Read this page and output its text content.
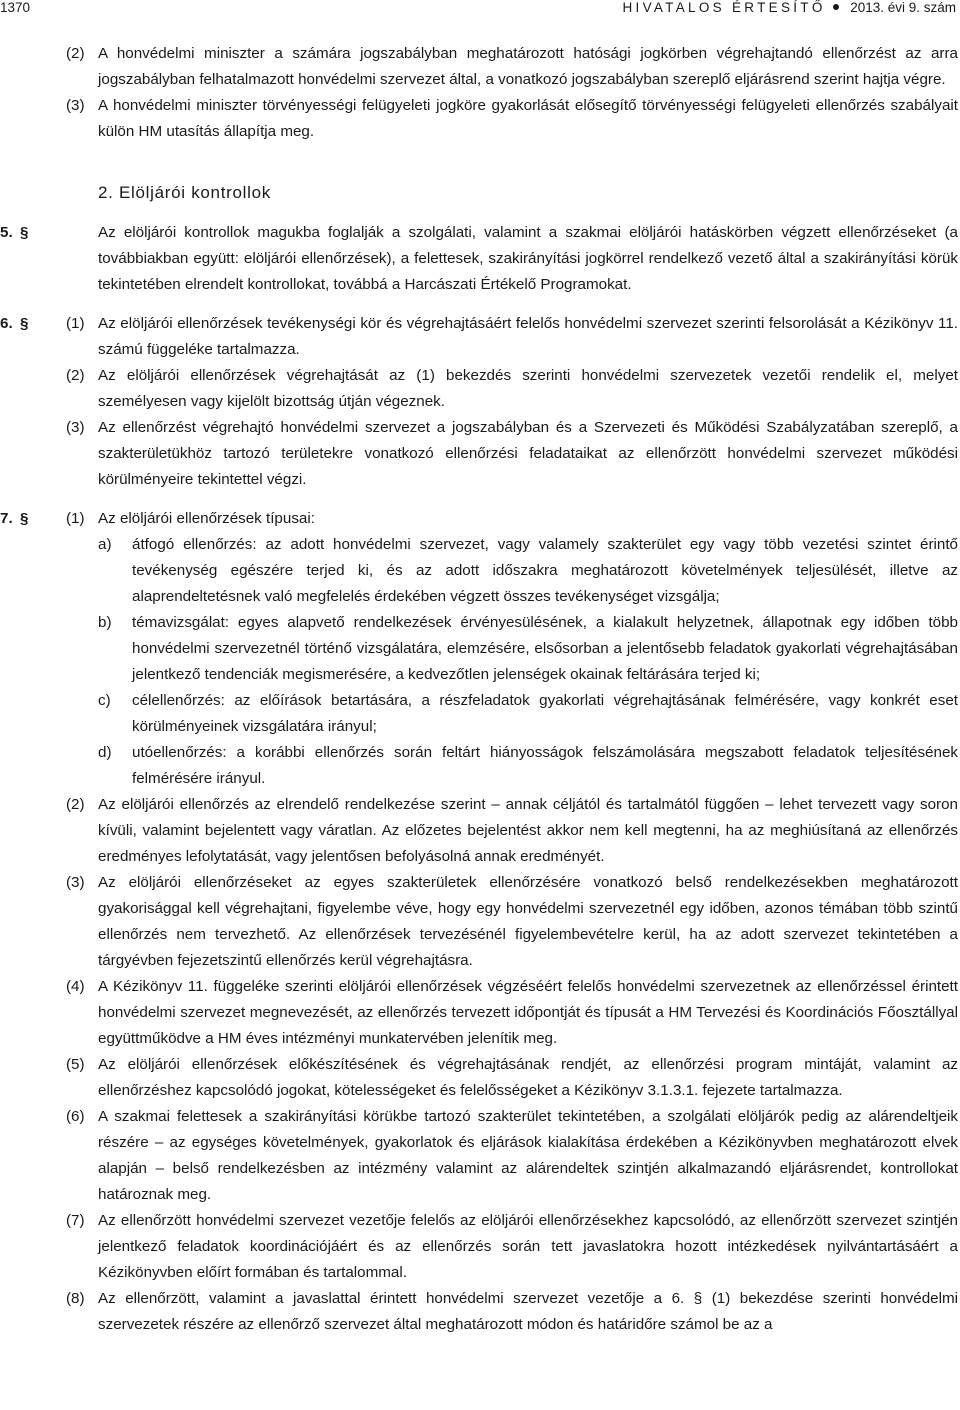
1370	HIVATALOS ÉRTESÍTŐ 2013. évi 9. szám
(2) A honvédelmi miniszter a számára jogszabályban meghatározott hatósági jogkörben végrehajtandó ellenőrzést az arra jogszabályban felhatalmazott honvédelmi szervezet által, a vonatkozó jogszabályban szereplő eljárásrend szerint hajtja végre.
(3) A honvédelmi miniszter törvényességi felügyeleti jogköre gyakorlását elősegítő törvényességi felügyeleti ellenőrzés szabályait külön HM utasítás állapítja meg.
2. Elöljárói kontrollok
5. §	Az elöljárói kontrollok magukba foglalják a szolgálati, valamint a szakmai elöljárói hatáskörben végzett ellenőrzéseket (a továbbiakban együtt: elöljárói ellenőrzések), a felettesek, szakirányítási jogkörrel rendelkező vezető által a szakirányítási körük tekintetében elrendelt kontrollokat, továbbá a Harcászati Értékelő Programokat.
6. § (1) Az elöljárói ellenőrzések tevékenységi kör és végrehajtásáért felelős honvédelmi szervezet szerinti felsorolását a Kézikönyv 11. számú függeléke tartalmazza.
(2) Az elöljárói ellenőrzések végrehajtását az (1) bekezdés szerinti honvédelmi szervezetek vezetői rendelik el, melyet személyesen vagy kijelölt bizottság útján végeznek.
(3) Az ellenőrzést végrehajtó honvédelmi szervezet a jogszabályban és a Szervezeti és Működési Szabályzatában szereplő, a szakterületükhöz tartozó területekre vonatkozó ellenőrzési feladataikat az ellenőrzött honvédelmi szervezet működési körülményeire tekintettel végzi.
7. § (1) Az elöljárói ellenőrzések típusai:
a) átfogó ellenőrzés: az adott honvédelmi szervezet, vagy valamely szakterület egy vagy több vezetési szintet érintő tevékenység egészére terjed ki, és az adott időszakra meghatározott követelmények teljesülését, illetve az alaprendeltetésnek való megfelelés érdekében végzett összes tevékenységet vizsgálja;
b) témavizsgálat: egyes alapvető rendelkezések érvényesülésének, a kialakult helyzetnek, állapotnak egy időben több honvédelmi szervezetnél történő vizsgálatára, elemzésére, elsősorban a jelentősebb feladatok gyakorlati végrehajtásában jelentkező tendenciák megismerésére, a kedvezőtlen jelenségek okainak feltárására terjed ki;
c) célellenőrzés: az előírások betartására, a részfeladatok gyakorlati végrehajtásának felmérésére, vagy konkrét eset körülményeinek vizsgálatára irányul;
d) utóellenőrzés: a korábbi ellenőrzés során feltárt hiányosságok felszámolására megszabott feladatok teljesítésének felmérésére irányul.
(2) Az elöljárói ellenőrzés az elrendelő rendelkezése szerint – annak céljától és tartalmától függően – lehet tervezett vagy soron kívüli, valamint bejelentett vagy váratlan. Az előzetes bejelentést akkor nem kell megtenni, ha az meghiúsítaná az ellenőrzés eredményes lefolytatását, vagy jelentősen befolyásolná annak eredményét.
(3) Az elöljárói ellenőrzéseket az egyes szakterületek ellenőrzésére vonatkozó belső rendelkezésekben meghatározott gyakorisággal kell végrehajtani, figyelembe véve, hogy egy honvédelmi szervezetnél egy időben, azonos témában több szintű ellenőrzés nem tervezhető. Az ellenőrzések tervezésénél figyelembevételre kerül, ha az adott szervezet tekintetében a tárgyévben fejezetszintű ellenőrzés kerül végrehajtásra.
(4) A Kézikönyv 11. függeléke szerinti elöljárói ellenőrzések végzéséért felelős honvédelmi szervezetnek az ellenőrzéssel érintett honvédelmi szervezet megnevezését, az ellenőrzés tervezett időpontját és típusát a HM Tervezési és Koordinációs Főosztállyal együttműködve a HM éves intézményi munkatervében jelenítik meg.
(5) Az elöljárói ellenőrzések előkészítésének és végrehajtásának rendjét, az ellenőrzési program mintáját, valamint az ellenőrzéshez kapcsolódó jogokat, kötelességeket és felelősségeket a Kézikönyv 3.1.3.1. fejezete tartalmazza.
(6) A szakmai felettesek a szakirányítási körükbe tartozó szakterület tekintetében, a szolgálati elöljárók pedig az alárendeltjeik részére – az egységes követelmények, gyakorlatok és eljárások kialakítása érdekében a Kézikönyvben meghatározott elvek alapján – belső rendelkezésben az intézmény valamint az alárendeltek szintjén alkalmazandó eljárásrendet, kontrollokat határoznak meg.
(7) Az ellenőrzött honvédelmi szervezet vezetője felelős az elöljárói ellenőrzésekhez kapcsolódó, az ellenőrzött szervezet szintjén jelentkező feladatok koordinációjáért és az ellenőrzés során tett javaslatokra hozott intézkedések nyilvántartásáért a Kézikönyvben előírt formában és tartalommal.
(8) Az ellenőrzött, valamint a javaslattal érintett honvédelmi szervezet vezetője a 6. § (1) bekezdése szerinti honvédelmi szervezetek részére az ellenőrző szervezet által meghatározott módon és határidőre számol be az a
